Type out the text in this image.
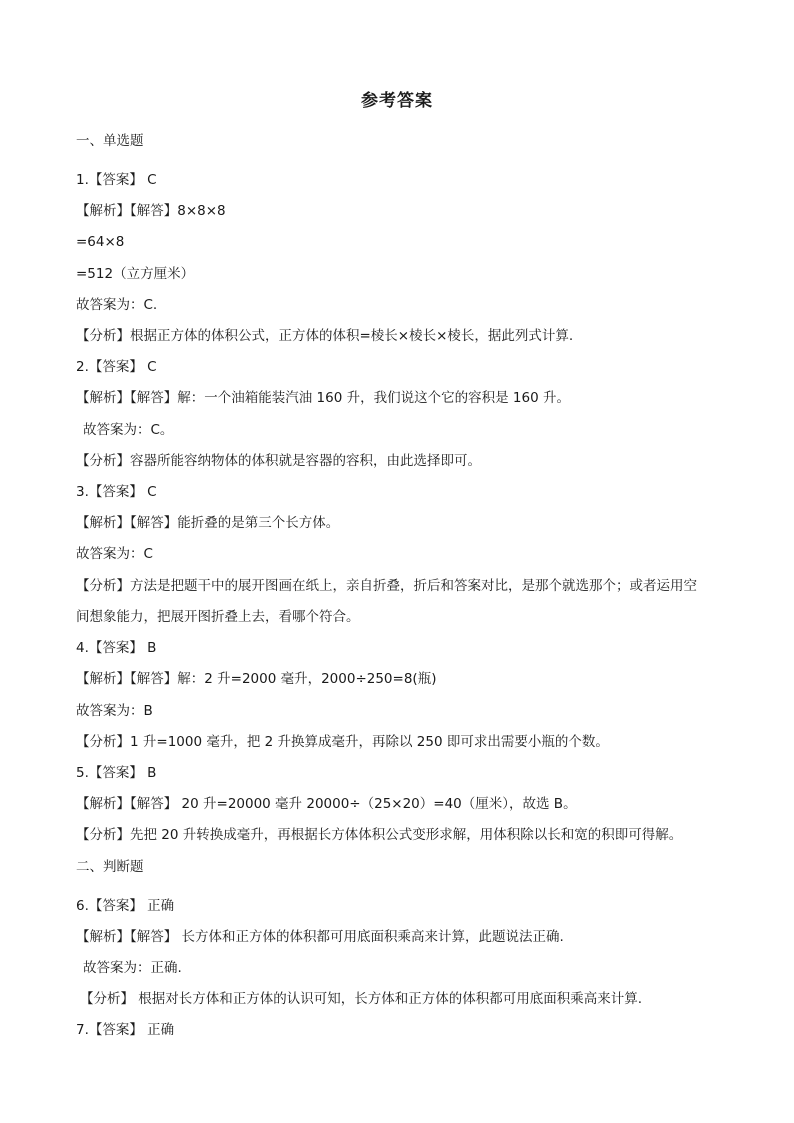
参考答案
一、单选题
1.【答案】 C
【解析】【解答】8×8×8
=64×8
=512（立方厘米）
故答案为：C.
【分析】根据正方体的体积公式，正方体的体积=棱长×棱长×棱长，据此列式计算.
2.【答案】 C
【解析】【解答】解：一个油箱能装汽油 160 升，我们说这个它的容积是 160 升。
故答案为：C。
【分析】容器所能容纳物体的体积就是容器的容积，由此选择即可。
3.【答案】 C
【解析】【解答】能折叠的是第三个长方体。
故答案为：C
【分析】方法是把题干中的展开图画在纸上，亲自折叠，折后和答案对比，是那个就选那个；或者运用空
间想象能力，把展开图折叠上去，看哪个符合。
4.【答案】 B
【解析】【解答】解：2 升=2000 毫升，2000÷250=8(瓶)
故答案为：B
【分析】1 升=1000 毫升，把 2 升换算成毫升，再除以 250 即可求出需要小瓶的个数。
5.【答案】 B
【解析】【解答】 20 升=20000 毫升 20000÷（25×20）=40（厘米），故选 B。
【分析】先把 20 升转换成毫升，再根据长方体体积公式变形求解，用体积除以长和宽的积即可得解。
二、判断题
6.【答案】 正确
【解析】【解答】 长方体和正方体的体积都可用底面积乘高来计算，此题说法正确.
故答案为：正确.
【分析】 根据对长方体和正方体的认识可知，长方体和正方体的体积都可用底面积乘高来计算.
7.【答案】 正确
